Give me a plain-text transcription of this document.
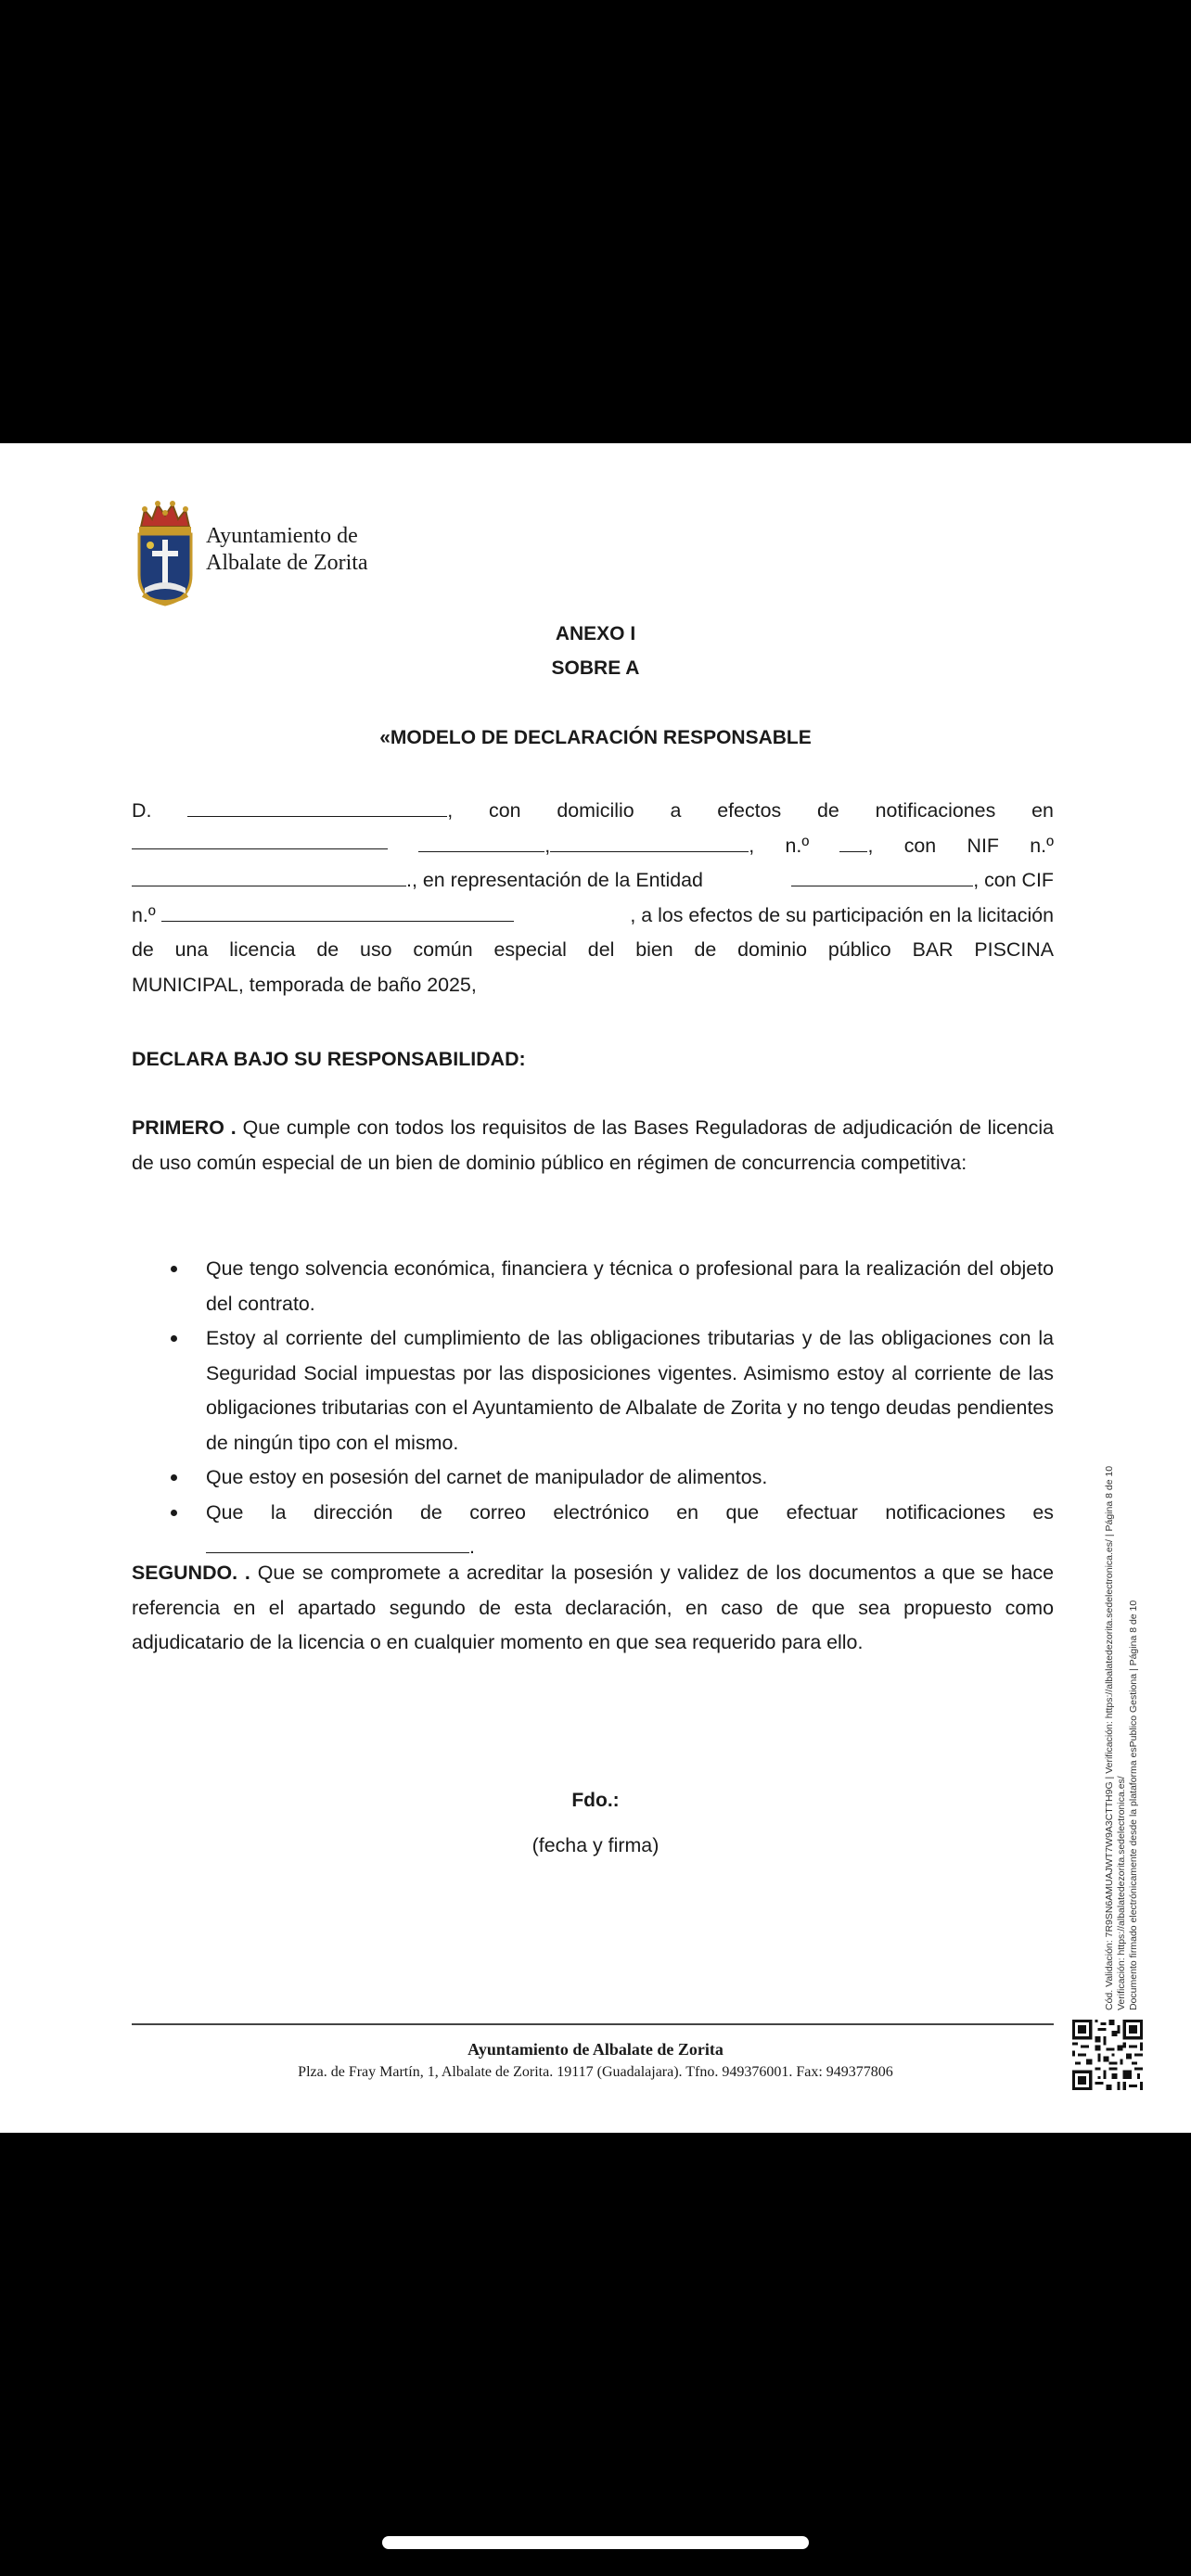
Ayuntamiento de
Albalate de Zorita
ANEXO I
SOBRE A
«MODELO DE DECLARACIÓN RESPONSABLE
D.	, con domicilio a efectos de notificaciones en
,	, n.º	, con NIF n.º
., en representación de la Entidad	, con CIF
n.º	, a los efectos de su participación en la licitación
de una licencia de uso común especial del bien de dominio público BAR PISCINA
MUNICIPAL, temporada de baño 2025,
DECLARA BAJO SU RESPONSABILIDAD:

PRIMERO . Que cumple con todos los requisitos de las Bases Reguladoras de adjudicación de licencia de uso común especial de un bien de dominio público en régimen de concurrencia competitiva:

Que tengo solvencia económica, financiera y técnica o profesional para la realización del objeto del contrato.

Estoy al corriente del cumplimiento de las obligaciones tributarias y de las obligaciones con la Seguridad Social impuestas por las disposiciones vigentes. Asimismo estoy al corriente de las obligaciones tributarias con el Ayuntamiento de Albalate de Zorita y no tengo deudas pendientes de ningún tipo con el mismo.

Que estoy en posesión del carnet de manipulador de alimentos.

Que la dirección de correo electrónico en que efectuar notificaciones es

.

SEGUNDO. . Que se compromete a acreditar la posesión y validez de los documentos a que se hace referencia en el apartado segundo de esta declaración, en caso de que sea propuesto como adjudicatario de la licencia o en cualquier momento en que sea requerido para ello.

Fdo.:
(fecha y firma)	Cód. Validación: 7R9SN6AMUAJWT7W9A3CTTH9G | Verificación: https://albalatedezorita.sedelectronica.es/ | Página 8 de 10 Verificación: https://albalatedezorita.sedelectronica.es/ Documento firmado electrónicamente desde la plataforma esPublico Gestiona | Página 8 de 10
Ayuntamiento de Albalate de Zorita
Plza. de Fray Martín, 1, Albalate de Zorita. 19117 (Guadalajara). Tfno. 949376001. Fax: 949377806
